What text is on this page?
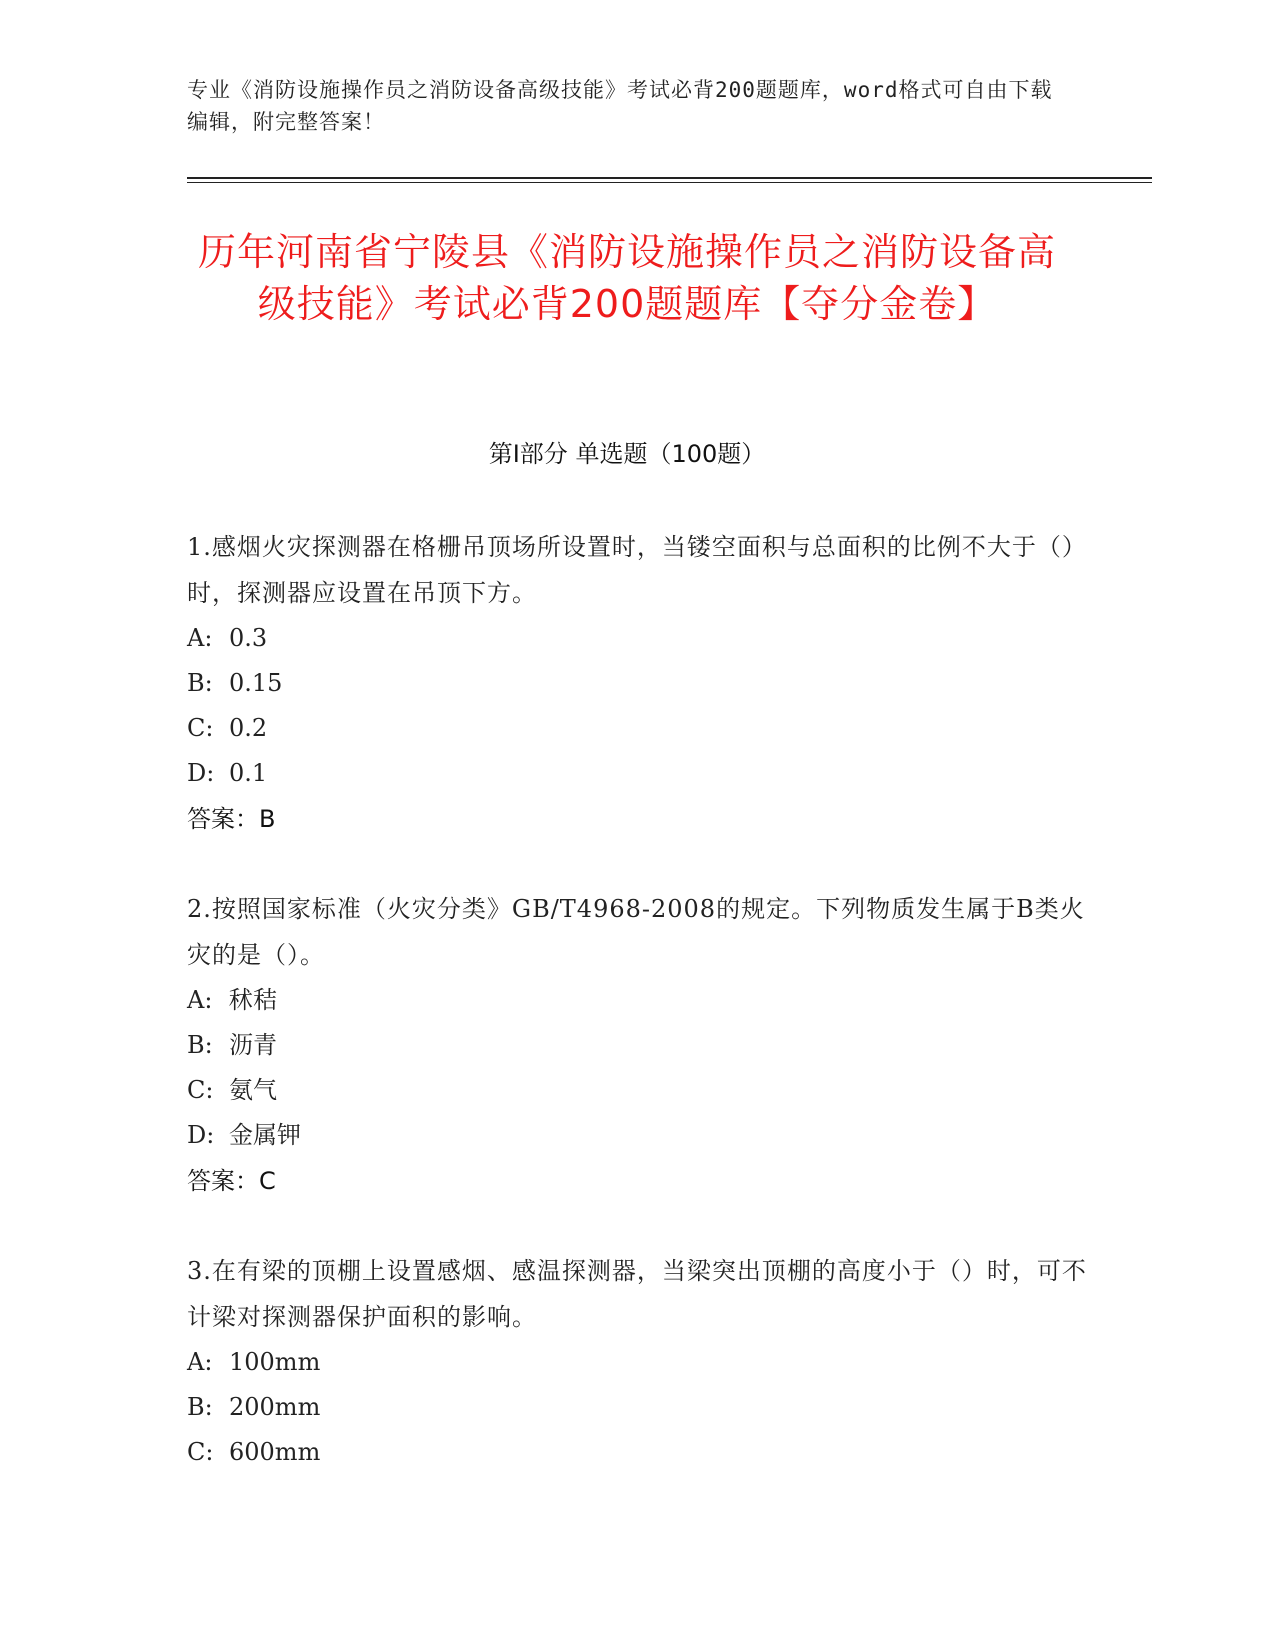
专业《消防设施操作员之消防设备高级技能》考试必背200题题库，word格式可自由下载编辑，附完整答案！
历年河南省宁陵县《消防设施操作员之消防设备高级技能》考试必背200题题库【夺分金卷】
第Ⅰ部分 单选题（100题）
1.感烟火灾探测器在格栅吊顶场所设置时，当镂空面积与总面积的比例不大于（）时，探测器应设置在吊顶下方。
A: 0.3
B: 0.15
C: 0.2
D: 0.1
答案：B
2.按照国家标准（火灾分类》GB/T4968-2008的规定。下列物质发生属于B类火灾的是（）。
A: 秫秸
B: 沥青
C: 氨气
D: 金属钾
答案：C
3.在有梁的顶棚上设置感烟、感温探测器，当梁突出顶棚的高度小于（）时，可不计梁对探测器保护面积的影响。
A: 100mm
B: 200mm
C: 600mm
